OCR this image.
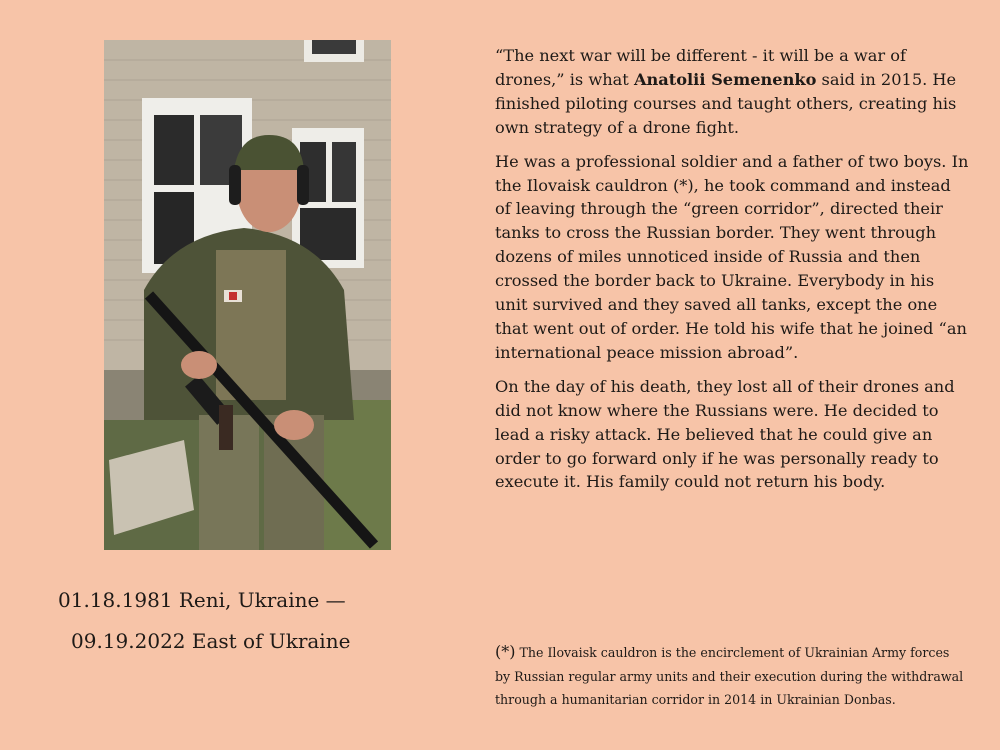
01.18.1981 Reni, Ukraine —
09.19.2022 East of Ukraine

“The next war will be different - it will be a war of drones,” is what Anatolii Semenenko said in 2015. He finished piloting courses and taught others, creating his own strategy of a drone fight.

He was a professional soldier and a father of two boys. In the Ilovaisk cauldron (*), he took command and instead of leaving through the “green corridor”, directed their tanks to cross the Russian border. They went through dozens of miles unnoticed inside of Russia and then crossed the border back to Ukraine. Everybody in his unit survived and they saved all tanks, except the one that went out of order. He told his wife that he joined “an international peace mission abroad”.

On the day of his death, they lost all of their drones and did not know where the Russians were. He decided to lead a risky attack. He believed that he could give an order to go forward only if he was personally ready to execute it. His family could not return his body.

(*) The Ilovaisk cauldron is the encirclement of Ukrainian Army forces by Russian regular army units and their execution during the withdrawal through a humanitarian corridor in 2014 in Ukrainian Donbas.
